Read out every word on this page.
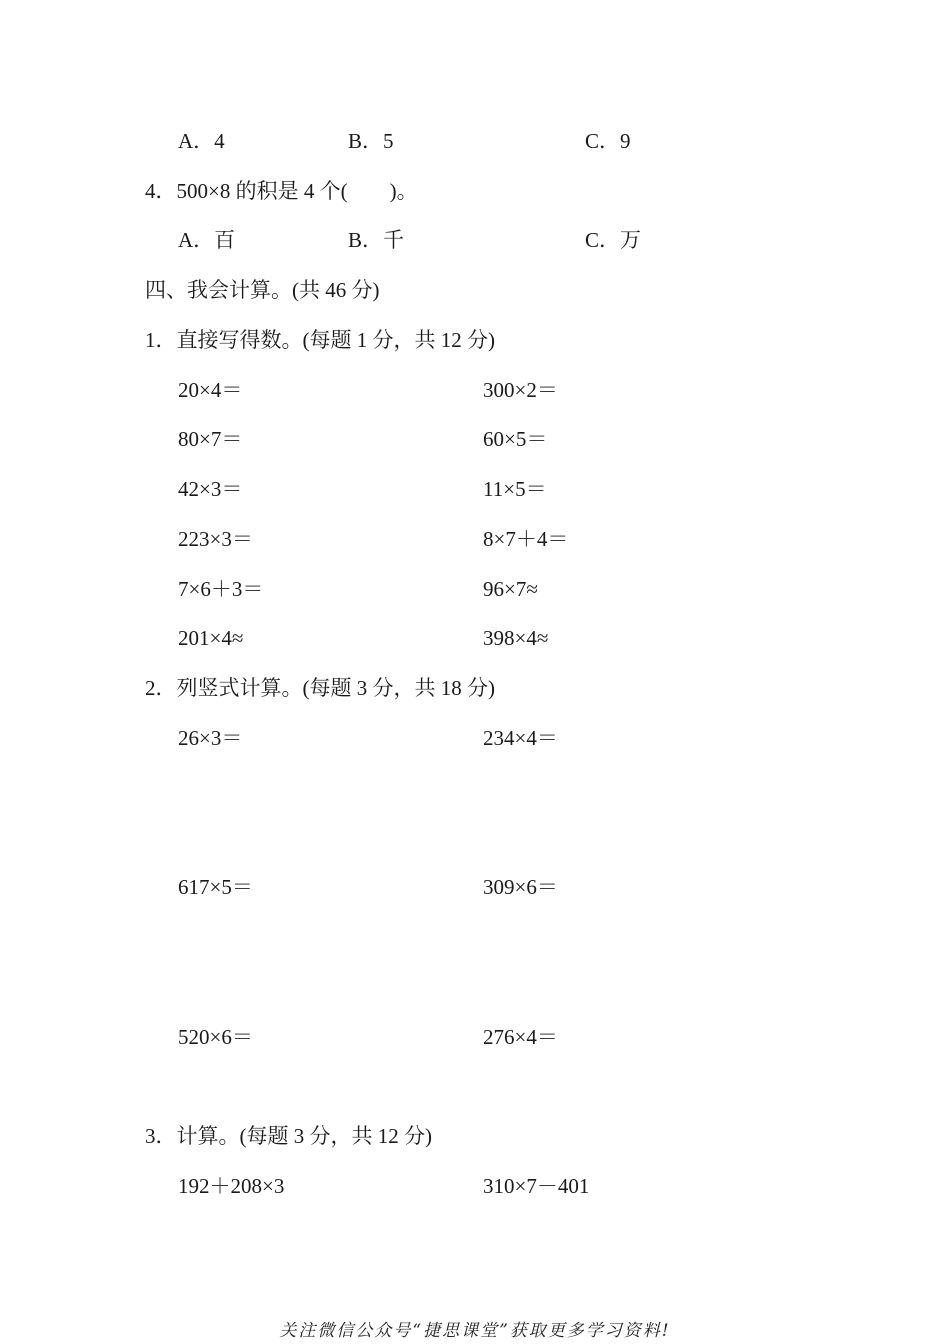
A．4	B．5	C．9
4．500×8 的积是 4 个(　　)。
A．百	B．千	C．万
四、我会计算。(共 46 分)
1．直接写得数。(每题 1 分，共 12 分)
20×4＝	300×2＝
80×7＝	60×5＝
42×3＝	11×5＝
223×3＝	8×7＋4＝
7×6＋3＝	96×7≈
201×4≈	398×4≈
2．列竖式计算。(每题 3 分，共 18 分)
26×3＝	234×4＝
617×5＝	309×6＝
520×6＝	276×4＝
3．计算。(每题 3 分，共 12 分)
192＋208×3	310×7－401
关注微信公众号“捷思课堂”获取更多学习资料!
